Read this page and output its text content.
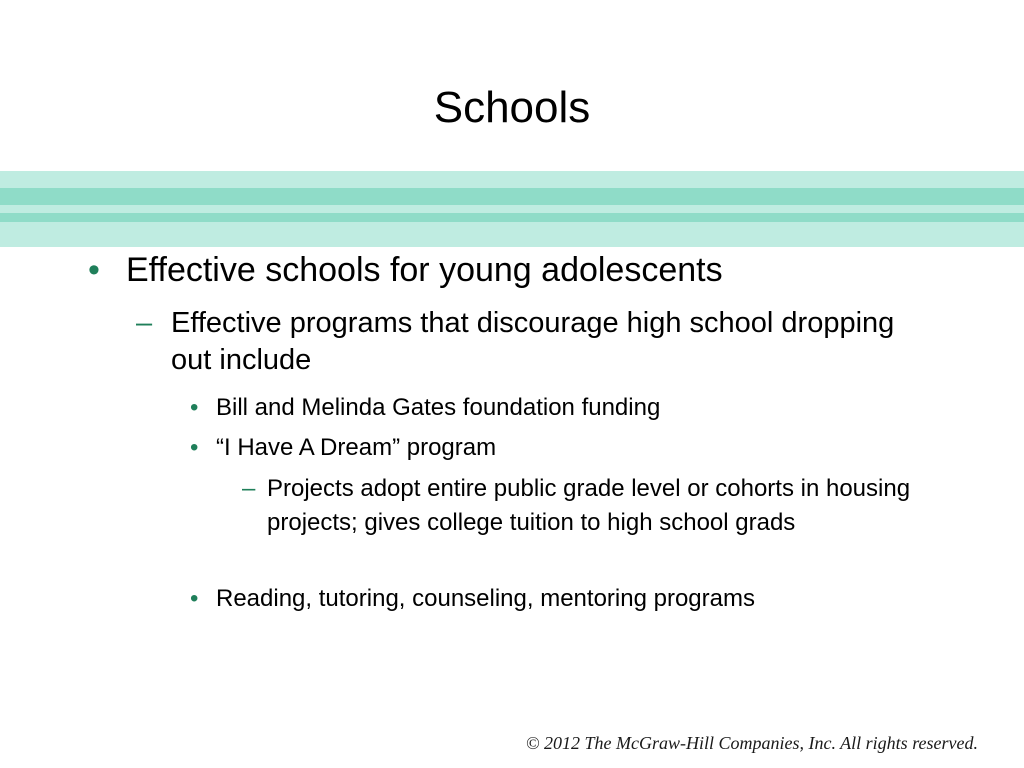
Schools
• Effective schools for young adolescents
– Effective programs that discourage high school dropping out include
• Bill and Melinda Gates foundation funding
• “I Have A Dream” program
– Projects adopt entire public grade level or cohorts in housing projects; gives college tuition to high school grads
• Reading, tutoring, counseling, mentoring programs
© 2012 The McGraw-Hill Companies, Inc. All rights reserved.
